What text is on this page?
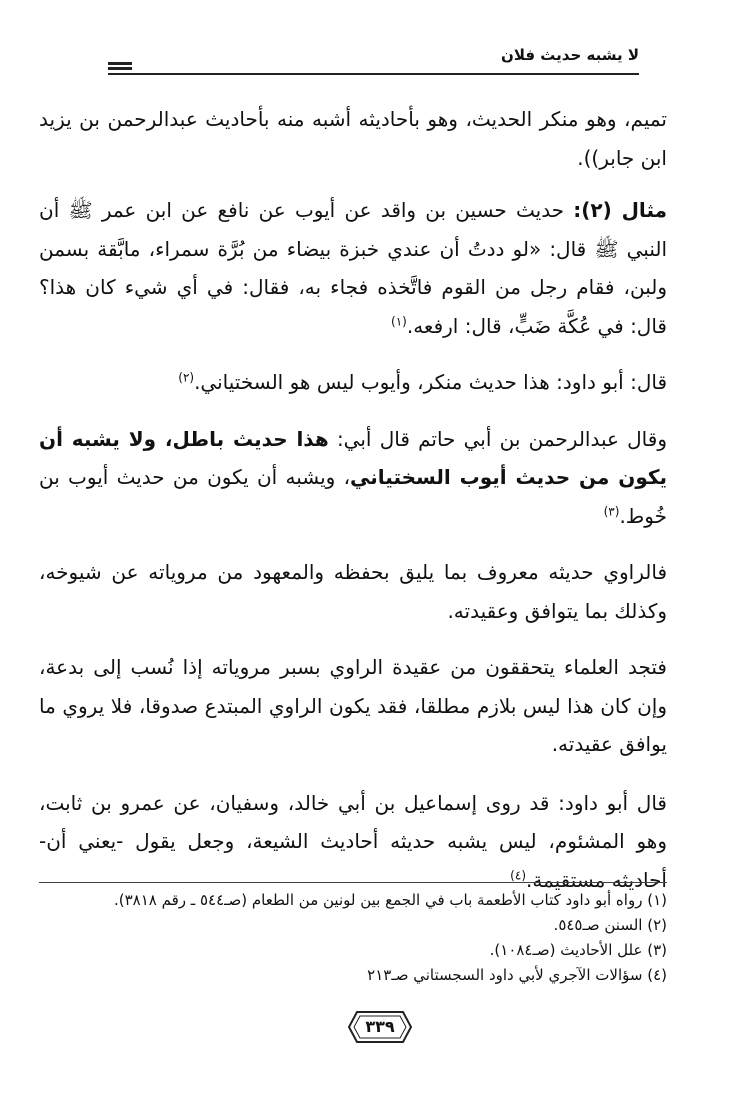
لا يشبه حديث فلان

تميم، وهو منكر الحديث، وهو بأحاديثه أشبه منه بأحاديث عبدالرحمن بن يزيد ابن جابر)).

مثال (٢): حديث حسين بن واقد عن أيوب عن نافع عن ابن عمر ﷺ أن النبي ﷺ قال: «لو ددتُ أن عندي خبزة بيضاء من بُرَّة سمراء، مابَّقة بسمن ولبن، فقام رجل من القوم فاتَّخذه فجاء به، فقال: في أي شيء كان هذا؟ قال: في عُكَّة ضَبٍّ، قال: ارفعه.$^{(١)}$

قال: أبو داود: هذا حديث منكر، وأيوب ليس هو السختياني.$^{(٢)}$

وقال عبدالرحمن بن أبي حاتم قال أبي: هذا حديث باطل، ولا يشبه أن يكون من حديث أيوب السختياني، ويشبه أن يكون من حديث أيوب بن خُوط.$^{(٣)}$

فالراوي حديثه معروف بما يليق بحفظه والمعهود من مروياته عن شيوخه، وكذلك بما يتوافق وعقيدته.

فتجد العلماء يتحققون من عقيدة الراوي بسبر مروياته إذا نُسب إلى بدعة، وإن كان هذا ليس بلازم مطلقا، فقد يكون الراوي المبتدع صدوقا، فلا يروي ما يوافق عقيدته.

قال أبو داود: قد روى إسماعيل بن أبي خالد، وسفيان، عن عمرو بن ثابت، وهو المشئوم، ليس يشبه حديثه أحاديث الشيعة، وجعل يقول -يعني أن- أحاديثه مستقيمة.$^{(٤)}$

(١) رواه أبو داود كتاب الأطعمة باب في الجمع بين لونين من الطعام (صـ٥٤٤ ـ رقم ٣٨١٨).

(٢) السنن صـ٥٤٥.

(٣) علل الأحاديث (صـ١٠٨٤).

(٤) سؤالات الآجري لأبي داود السجستاني صـ٢١٣

٣٣٩
